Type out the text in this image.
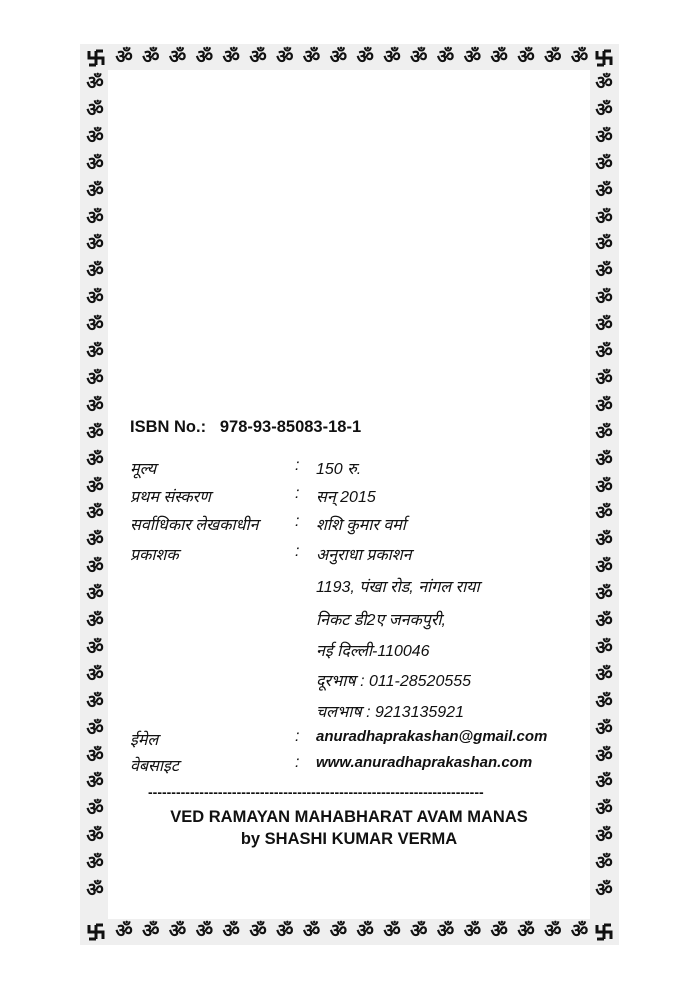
ॐ
ॐ
ॐ
ॐ
ॐ
ॐ
ॐ
ॐ
ॐ
ॐ
ॐ
ॐ
ॐ
ॐ
ॐ
ॐ
ॐ
ॐ
ॐ
ॐ
ॐ
ॐ
ॐ
ॐ
ॐ
ॐ
ॐ
ॐ
ॐ
ॐ
ॐ
ॐ
ॐ
ॐ
ॐ
ॐ
ॐ	ॐ
ॐ	ॐ
ॐ	ॐ
ॐ	ॐ
ॐ	ॐ
ॐ	ॐ
ॐ	ॐ
ॐ	ॐ
ॐ	ॐ
ॐ	ॐ
ॐ	ॐ
ॐ	ॐ
ॐ	ॐ
ॐ	ॐ
ॐ	ॐ
ॐ	ॐ
ॐ	ॐ
ॐ	ॐ
ॐ	ॐ
ॐ	ॐ
ॐ	ॐ
ॐ	ॐ
ॐ	ॐ
ॐ	ॐ
ॐ	ॐ
ॐ	ॐ
ॐ	ॐ
ॐ	ॐ
ॐ	ॐ
ॐ	ॐ
ॐ	ॐ
ISBN No.: 978-93-85083-18-1
मूल्य	: 150 रु.
प्रथम संस्करण	: सन् 2015
सर्वाधिकार लेखकाधीन : शशि कुमार वर्मा
प्रकाशक	: अनुराधा प्रकाशन
1193, पंखा रोड, नांगल राया
निकट डी2ए जनकपुरी,
नई दिल्ली-110046
दूरभाष : 011-28520555
चलभाष : 9213135921
ईमेल	: anuradhaprakashan@gmail.com
वेबसाइट	: www.anuradhaprakashan.com
------------------------------------------------------------------------
VED RAMAYAN MAHABHARAT AVAM MANAS
by SHASHI KUMAR VERMA
